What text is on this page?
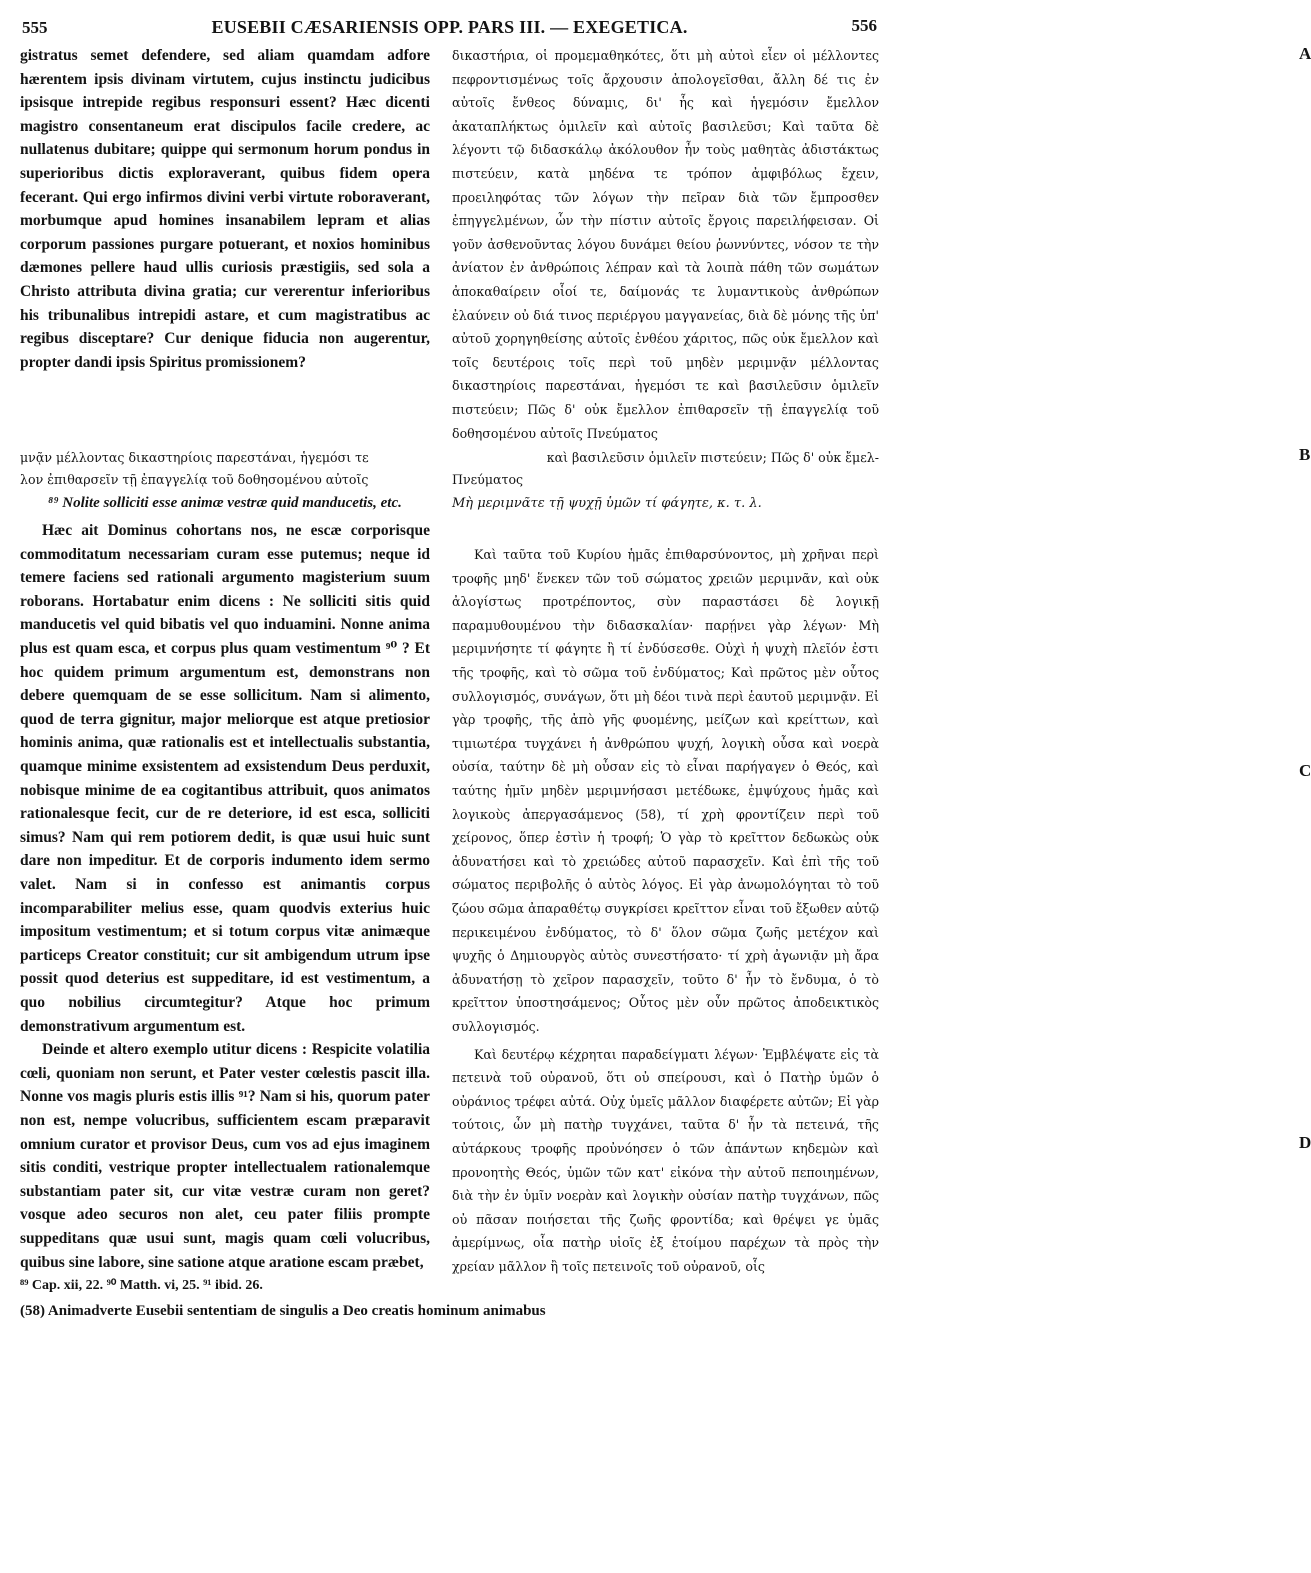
555	EUSEBII CÆSARIENSIS OPP. PARS III. — EXEGETICA.	556

gistratus semet defendere, sed aliam quamdam adfore hærentem ipsis divinam virtutem, cujus instinctu judicibus ipsisque intrepide regibus responsuri essent? Hæc dicenti magistro consentaneum erat discipulos facile credere, ac nullatenus dubitare; quippe qui sermonum horum pondus in superioribus dictis exploraverant, quibus fidem opera fecerant. Qui ergo infirmos divini verbi virtute roboraverant, morbumque apud homines insanabilem lepram et alias corporum passiones purgare potuerant, et noxios hominibus dæmones pellere haud ullis curiosis præstigiis, sed sola a Christo attributa divina gratia; cur vererentur inferioribus his tribunalibus intrepidi astare, et cum magistratibus ac regibus disceptare? Cur denique fiducia non augerentur, propter dandi ipsis Spiritus promissionem?

δικαστήρια, οἱ προμεμαθηκότες, ὅτι μὴ αὐτοὶ εἶεν οἱ μέλλοντες πεφροντισμένως τοῖς ἄρχουσιν ἀπολογεῖσθαι, ἄλλη δέ τις ἐν αὐτοῖς ἔνθεος δύναμις, δι' ἧς καὶ ἡγεμόσιν ἔμελλον ἀκαταπλήκτως ὁμιλεῖν καὶ αὐτοῖς βασιλεῦσι; Καὶ ταῦτα δὲ λέγοντι τῷ διδασκάλῳ ἀκόλουθον ἦν τοὺς μαθητὰς ἀδιστάκτως πιστεύειν, κατὰ μηδένα τε τρόπον ἀμφιβόλως ἔχειν, προειληφότας τῶν λόγων τὴν πεῖραν διὰ τῶν ἔμπροσθεν ἐπηγγελμένων, ὧν τὴν πίστιν αὐτοῖς ἔργοις παρειλήφεισαν. Οἱ γοῦν ἀσθενοῦντας λόγου δυνάμει θείου ῥωννύντες, νόσον τε τὴν ἀνίατον ἐν ἀνθρώποις λέπραν καὶ τὰ λοιπὰ πάθη τῶν σωμάτων ἀποκαθαίρειν οἷοί τε, δαίμονάς τε λυμαντικοὺς ἀνθρώπων ἐλαύνειν οὐ διά τινος περιέργου μαγγανείας, διὰ δὲ μόνης τῆς ὑπ' αὐτοῦ χορηγηθείσης αὐτοῖς ἐνθέου χάριτος, πῶς οὐκ ἔμελλον καὶ τοῖς δευτέροις τοῖς περὶ τοῦ μηδὲν μεριμνᾷν μέλλοντας δικαστηρίοις παρεστάναι, ἡγεμόσι τε καὶ βασιλεῦσιν ὁμιλεῖν πιστεύειν; Πῶς δ' οὐκ ἔμελλον ἐπιθαρσεῖν τῇ ἐπαγγελίᾳ τοῦ δοθησομένου αὐτοῖς Πνεύματος

A
B
μνᾷν μέλλοντας δικαστηρίοις παρεστάναι, ἡγεμόσι τε	καὶ βασιλεῦσιν ὁμιλεῖν πιστεύειν; Πῶς δ' οὐκ ἔμελ-
λον ἐπιθαρσεῖν τῇ ἐπαγγελίᾳ τοῦ δοθησομένου αὐτοῖς	Πνεύματος
⁸⁹ Nolite solliciti esse animæ vestræ quid manducetis, etc.

Hæc ait Dominus cohortans nos, ne escæ corporisque commoditatum necessariam curam esse putemus; neque id temere faciens sed rationali argumento magisterium suum roborans. Hortabatur enim dicens : Ne solliciti sitis quid manducetis vel quid bibatis vel quo induamini. Nonne anima plus est quam esca, et corpus plus quam vestimentum ⁹⁰ ? Et hoc quidem primum argumentum est, demonstrans non debere quemquam de se esse sollicitum. Nam si alimento, quod de terra gignitur, major meliorque est atque pretiosior hominis anima, quæ rationalis est et intellectualis substantia, quamque minime exsistentem ad exsistendum Deus perduxit, nobisque minime de ea cogitantibus attribuit, quos animatos rationalesque fecit, cur de re deteriore, id est esca, solliciti simus? Nam qui rem potiorem dedit, is quæ usui huic sunt dare non impeditur. Et de corporis indumento idem sermo valet. Nam si in confesso est animantis corpus incomparabiliter melius esse, quam quodvis exterius huic impositum vestimentum; et si totum corpus vitæ animæque particeps Creator constituit; cur sit ambigendum utrum ipse possit quod deterius est suppeditare, id est vestimentum, a quo nobilius circumtegitur? Atque hoc primum demonstrativum argumentum est.

Deinde et altero exemplo utitur dicens : Respicite volatilia cœli, quoniam non serunt, et Pater vester cœlestis pascit illa. Nonne vos magis pluris estis illis ⁹¹? Nam si his, quorum pater non est, nempe volucribus, sufficientem escam præparavit omnium curator et provisor Deus, cum vos ad ejus imaginem sitis conditi, vestrique propter intellectualem rationalemque substantiam pater sit, cur vitæ vestræ curam non geret? vosque adeo securos non alet, ceu pater filiis prompte suppeditans quæ usui sunt, magis quam cœli volucribus, quibus sine labore, sine satione atque aratione escam præbet,

⁸⁹ Cap. xii, 22. ⁹⁰ Matth. vi, 25. ⁹¹ ibid. 26.
Μὴ μεριμνᾶτε τῇ ψυχῇ ὑμῶν τί φάγητε, κ. τ. λ.

Καὶ ταῦτα τοῦ Κυρίου ἡμᾶς ἐπιθαρσύνοντος, μὴ χρῆναι περὶ τροφῆς μηδ' ἕνεκεν τῶν τοῦ σώματος χρειῶν μεριμνᾶν, καὶ οὐκ ἀλογίστως προτρέποντος, σὺν παραστάσει δὲ λογικῇ παραμυθουμένου τὴν διδασκαλίαν· παρῄνει γὰρ λέγων· Μὴ μεριμνήσητε τί φάγητε ἢ τί ἐνδύσεσθε. Οὐχὶ ἡ ψυχὴ πλεῖόν ἐστι τῆς τροφῆς, καὶ τὸ σῶμα τοῦ ἐνδύματος; Καὶ πρῶτος μὲν οὗτος συλλογισμός, συνάγων, ὅτι μὴ δέοι τινὰ περὶ ἑαυτοῦ μεριμνᾷν. Εἰ γὰρ τροφῆς, τῆς ἀπὸ γῆς φυομένης, μείζων καὶ κρείττων, καὶ τιμιωτέρα τυγχάνει ἡ ἀνθρώπου ψυχή, λογικὴ οὖσα καὶ νοερὰ οὐσία, ταύτην δὲ μὴ οὖσαν εἰς τὸ εἶναι παρήγαγεν ὁ Θεός, καὶ ταύτης ἡμῖν μηδὲν μεριμνήσασι μετέδωκε, ἐμψύχους ἡμᾶς καὶ λογικοὺς ἀπεργασάμενος (58), τί χρὴ φροντίζειν περὶ τοῦ χείρονος, ὅπερ ἐστὶν ἡ τροφή; Ὁ γὰρ τὸ κρεῖττον δεδωκὼς οὐκ ἀδυνατήσει καὶ τὸ χρειώδες αὐτοῦ παρασχεῖν. Καὶ ἐπὶ τῆς τοῦ σώματος περιβολῆς ὁ αὐτὸς λόγος. Εἰ γὰρ ἀνωμολόγηται τὸ τοῦ ζώου σῶμα ἀπαραθέτῳ συγκρίσει κρεῖττον εἶναι τοῦ ἔξωθεν αὐτῷ περικειμένου ἐνδύματος, τὸ δ' ὅλον σῶμα ζωῆς μετέχον καὶ ψυχῆς ὁ Δημιουργὸς αὐτὸς συνεστήσατο· τί χρὴ ἀγωνιᾷν μὴ ἄρα ἀδυνατήσῃ τὸ χεῖρον παρασχεῖν, τοῦτο δ' ἦν τὸ ἔνδυμα, ὁ τὸ κρεῖττον ὑποστησάμενος; Οὗτος μὲν οὖν πρῶτος ἀποδεικτικὸς συλλογισμός.

Καὶ δευτέρῳ κέχρηται παραδείγματι λέγων· Ἐμβλέψατε εἰς τὰ πετεινὰ τοῦ οὐρανοῦ, ὅτι οὐ σπείρουσι, καὶ ὁ Πατὴρ ὑμῶν ὁ οὐράνιος τρέφει αὐτά. Οὐχ ὑμεῖς μᾶλλον διαφέρετε αὐτῶν; Εἰ γὰρ τούτοις, ὧν μὴ πατὴρ τυγχάνει, ταῦτα δ' ἦν τὰ πετεινά, τῆς αὐτάρκους τροφῆς προὐνόησεν ὁ τῶν ἁπάντων κηδεμὼν καὶ προνοητὴς Θεός, ὑμῶν τῶν κατ' εἰκόνα τὴν αὐτοῦ πεποιημένων, διὰ τὴν ἐν ὑμῖν νοερὰν καὶ λογικὴν οὐσίαν πατὴρ τυγχάνων, πῶς οὐ πᾶσαν ποιήσεται τῆς ζωῆς φροντίδα; καὶ θρέψει γε ὑμᾶς ἀμερίμνως, οἷα πατὴρ υἱοῖς ἐξ ἑτοίμου παρέχων τὰ πρὸς τὴν χρείαν μᾶλλον ἢ τοῖς πετεινοῖς τοῦ οὐρανοῦ, οἷς

C
D
(58) Animadverte Eusebii sententiam de singulis a Deo creatis hominum animabus
